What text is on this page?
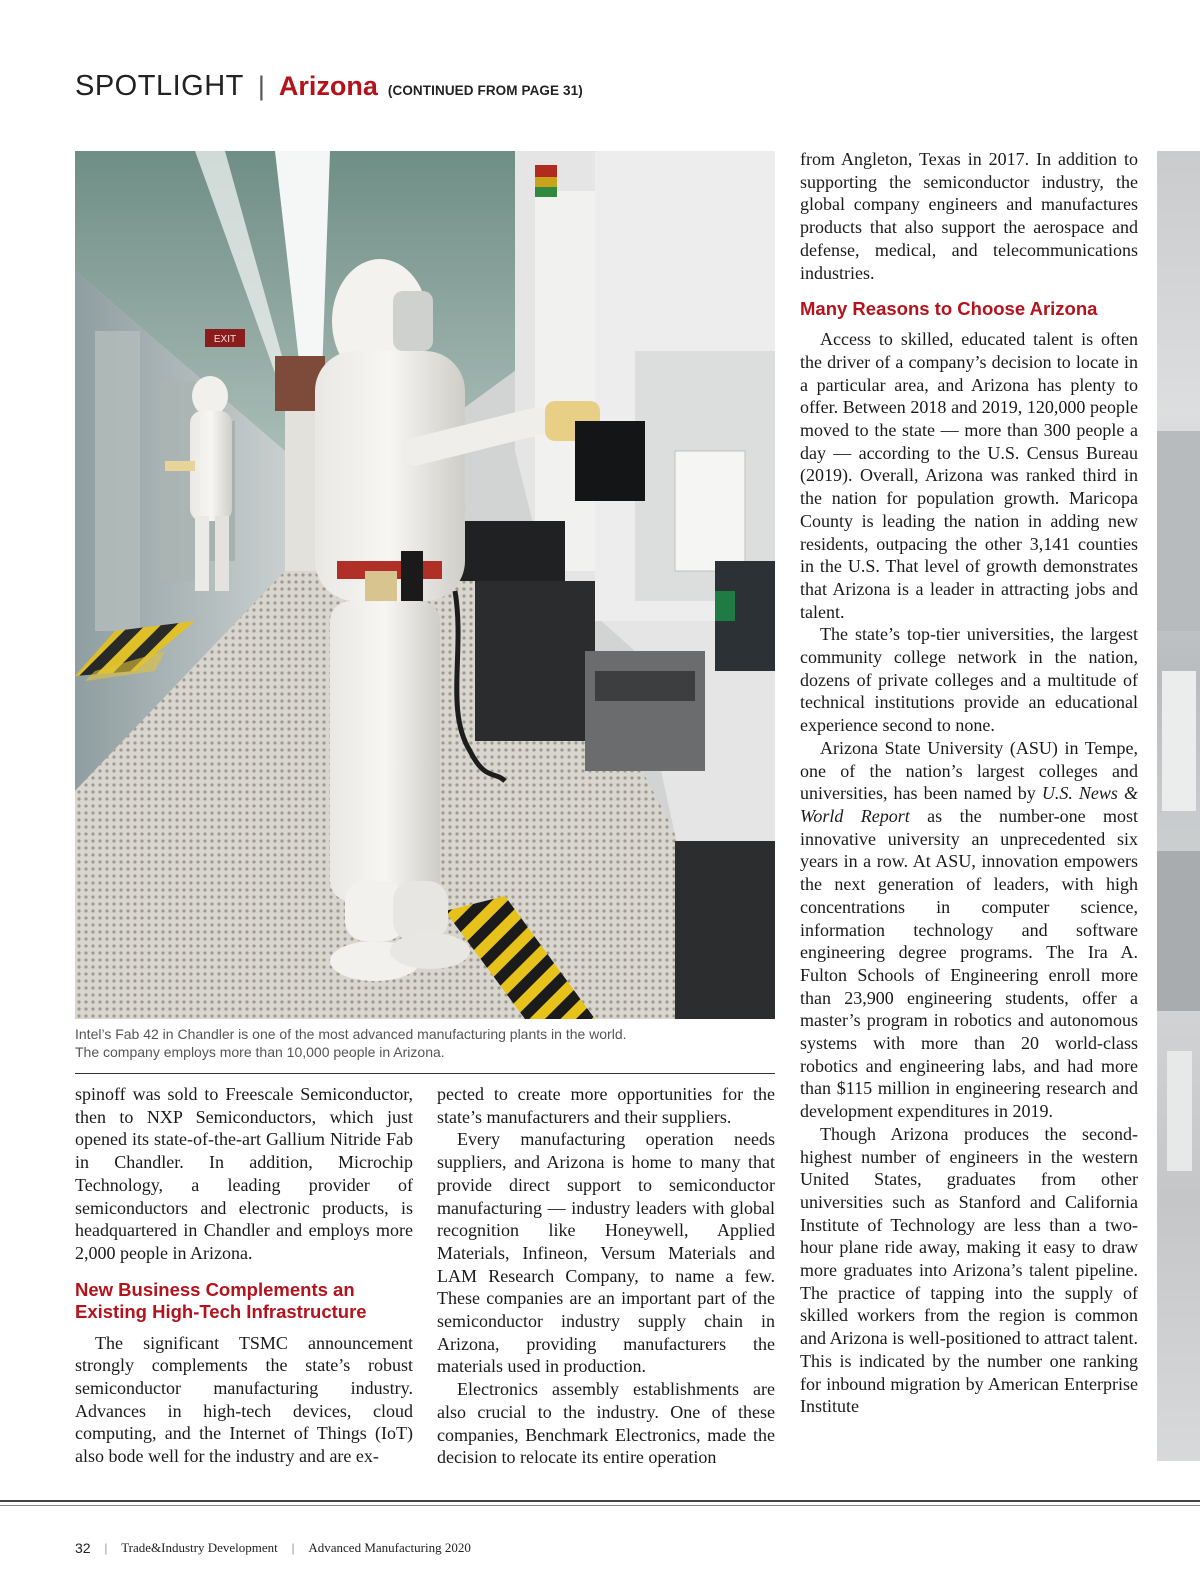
SPOTLIGHT | Arizona (CONTINUED FROM PAGE 31)
EXIT
Intel’s Fab 42 in Chandler is one of the most advanced manufacturing plants in the world.
The company employs more than 10,000 people in Arizona.

spinoff was sold to Freescale Semiconductor, then to NXP Semiconductors, which just opened its state-of-the-art Gallium Nitride Fab in Chandler. In addition, Microchip Technology, a leading provider of semiconductors and electronic products, is headquartered in Chandler and employs more 2,000 people in Arizona.

New Business Complements an Existing High-Tech Infrastructure

The significant TSMC announcement strongly complements the state’s robust semiconductor manufacturing industry. Advances in high-tech devices, cloud computing, and the Internet of Things (IoT) also bode well for the industry and are ex-

pected to create more opportunities for the state’s manufacturers and their suppliers.

Every manufacturing operation needs suppliers, and Arizona is home to many that provide direct support to semiconductor manufacturing — industry leaders with global recognition like Honeywell, Applied Materials, Infineon, Versum Materials and LAM Research Company, to name a few. These companies are an important part of the semiconductor industry supply chain in Arizona, providing manufacturers the materials used in production.

Electronics assembly establishments are also crucial to the industry. One of these companies, Benchmark Electronics, made the decision to relocate its entire operation

from Angleton, Texas in 2017. In addition to supporting the semiconductor industry, the global company engineers and manufactures products that also support the aerospace and defense, medical, and telecommunications industries.

Many Reasons to Choose Arizona

Access to skilled, educated talent is often the driver of a company’s decision to locate in a particular area, and Arizona has plenty to offer. Between 2018 and 2019, 120,000 people moved to the state — more than 300 people a day — according to the U.S. Census Bureau (2019). Overall, Arizona was ranked third in the nation for population growth. Maricopa County is leading the nation in adding new residents, outpacing the other 3,141 counties in the U.S. That level of growth demonstrates that Arizona is a leader in attracting jobs and talent.

The state’s top-tier universities, the largest community college network in the nation, dozens of private colleges and a multitude of technical institutions provide an educational experience second to none.

Arizona State University (ASU) in Tempe, one of the nation’s largest colleges and universities, has been named by U.S. News & World Report as the number-one most innovative university an unprecedented six years in a row. At ASU, innovation empowers the next generation of leaders, with high concentrations in computer science, information technology and software engineering degree programs. The Ira A. Fulton Schools of Engineering enroll more than 23,900 engineering students, offer a master’s program in robotics and autonomous systems with more than 20 world-class robotics and engineering labs, and had more than $115 million in engineering research and development expenditures in 2019.

Though Arizona produces the second-highest number of engineers in the western United States, graduates from other universities such as Stanford and California Institute of Technology are less than a two-hour plane ride away, making it easy to draw more graduates into Arizona’s talent pipeline. The practice of tapping into the supply of skilled workers from the region is common and Arizona is well-positioned to attract talent. This is indicated by the number one ranking for inbound migration by American Enterprise Institute

32 | Trade&Industry Development | Advanced Manufacturing 2020
